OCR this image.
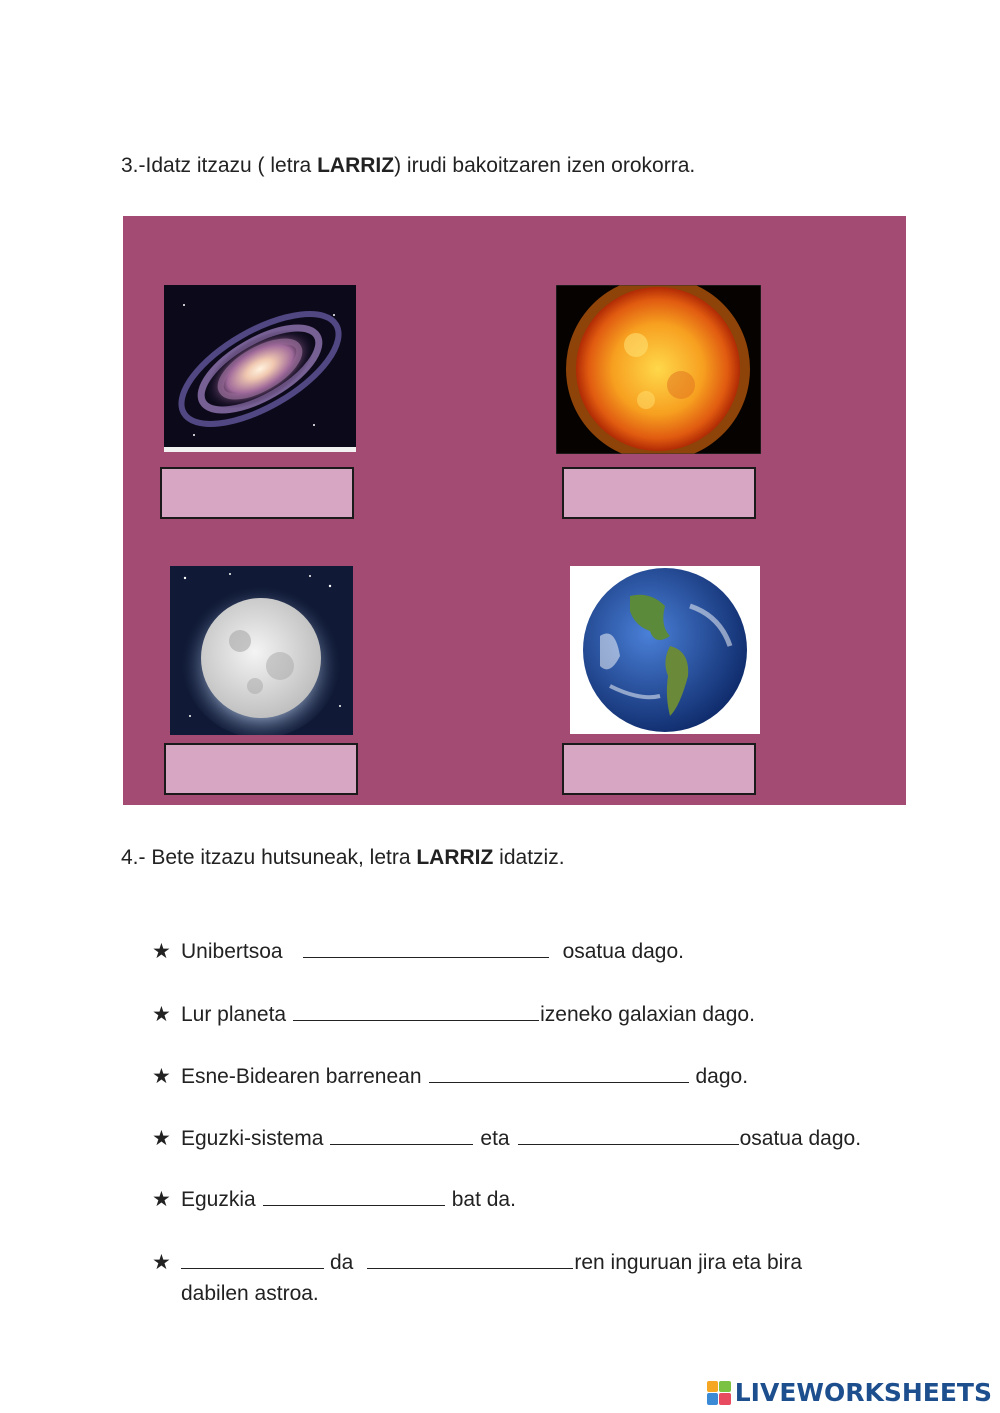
3.-Idatz itzazu ( letra LARRIZ) irudi bakoitzaren izen orokorra.
4.- Bete itzazu hutsuneak, letra LARRIZ idatziz.
★ Unibertsoa	osatua dago.
★ Lur planeta	izeneko galaxian dago.
★ Esne-Bidearen barrenean	dago.
★ Eguzki-sistema	eta	osatua dago.
★ Eguzkia	bat da.
★	da	ren inguruan jira eta bira
dabilen astroa.
LIVEWORKSHEETS
